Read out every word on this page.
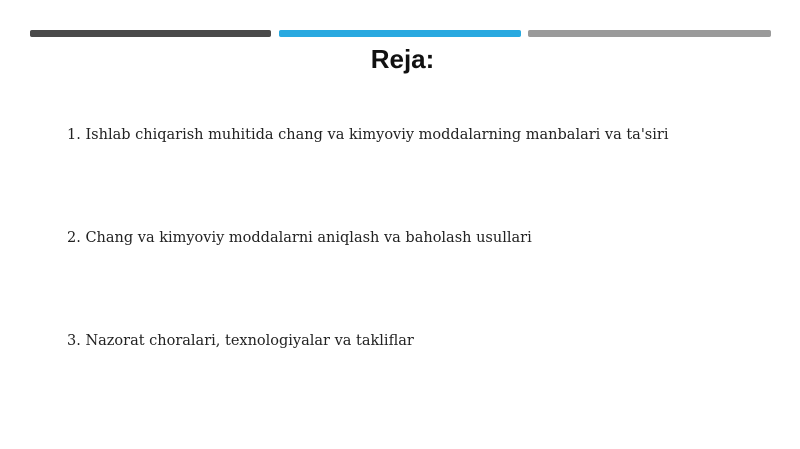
Reja:
1. Ishlab chiqarish muhitida chang va kimyoviy moddalarning manbalari va ta'siri
2. Chang va kimyoviy moddalarni aniqlash va baholash usullari
3. Nazorat choralari, texnologiyalar va takliflar
